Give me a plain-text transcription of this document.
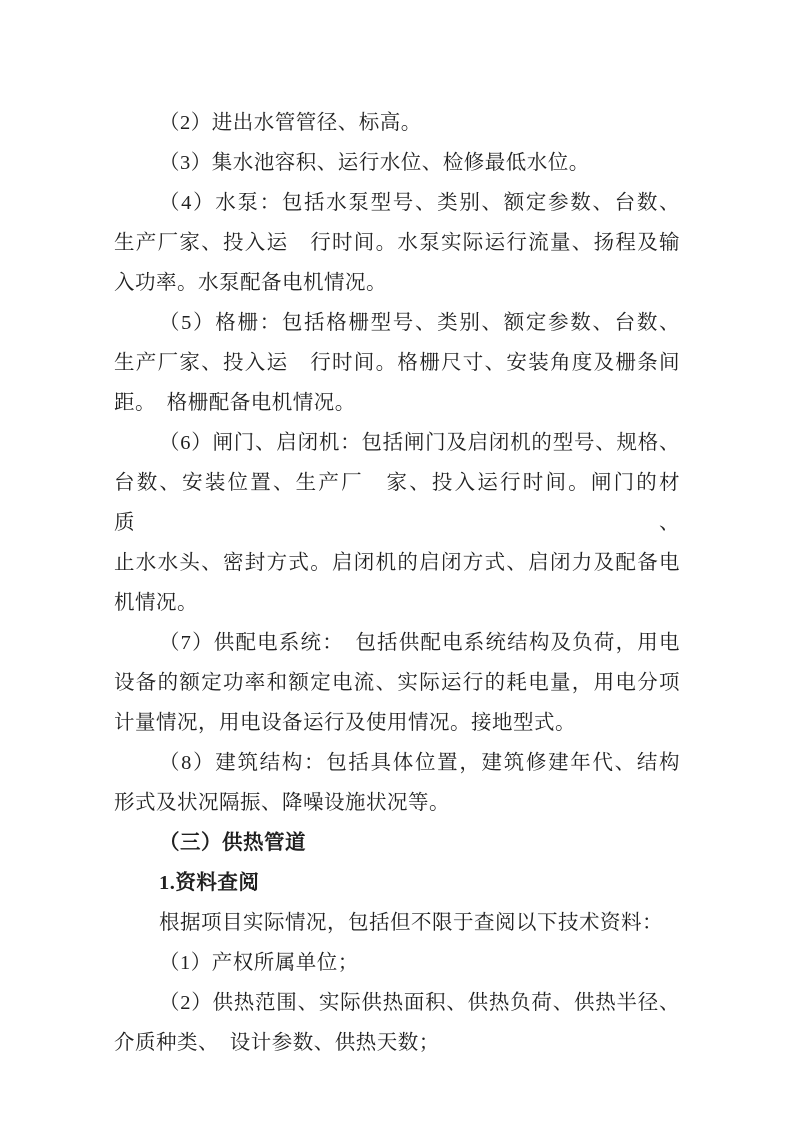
（2）进出水管管径、标高。
（3）集水池容积、运行水位、检修最低水位。
（4）水泵：包括水泵型号、类别、额定参数、台数、
生产厂家、投入运　行时间。水泵实际运行流量、扬程及输
入功率。水泵配备电机情况。
（5）格栅：包括格栅型号、类别、额定参数、台数、
生产厂家、投入运　行时间。格栅尺寸、安装角度及栅条间
距。　格栅配备电机情况。
（6）闸门、启闭机：包括闸门及启闭机的型号、规格、
台数、安装位置、生产厂　家、投入运行时间。闸门的材质、
止水水头、密封方式。启闭机的启闭方式、启闭力及配备电
机情况。
（7）供配电系统：　包括供配电系统结构及负荷，用电
设备的额定功率和额定电流、实际运行的耗电量，用电分项
计量情况，用电设备运行及使用情况。接地型式。
（8）建筑结构：包括具体位置，建筑修建年代、结构
形式及状况隔振、降噪设施状况等。
（三）供热管道
1.资料查阅
根据项目实际情况，包括但不限于查阅以下技术资料：
（1）产权所属单位；
（2）供热范围、实际供热面积、供热负荷、供热半径、
介质种类、　设计参数、供热天数；
